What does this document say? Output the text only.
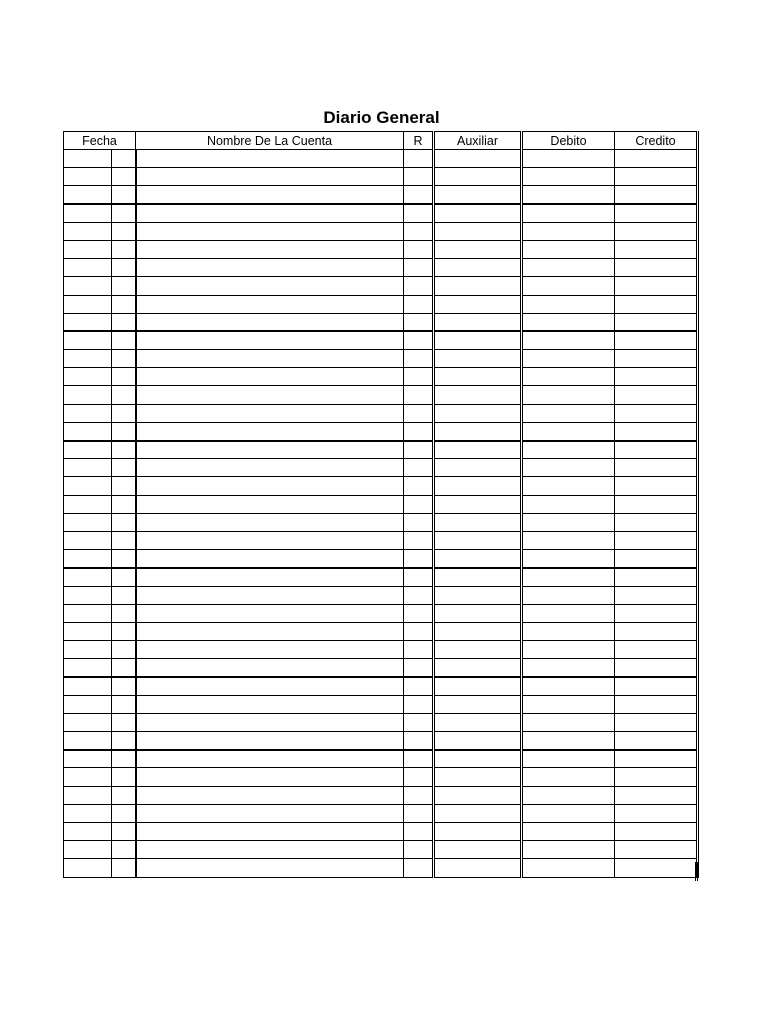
Diario General
Fecha		Nombre De La Cuenta	R	Auxiliar	Debito	Credito
